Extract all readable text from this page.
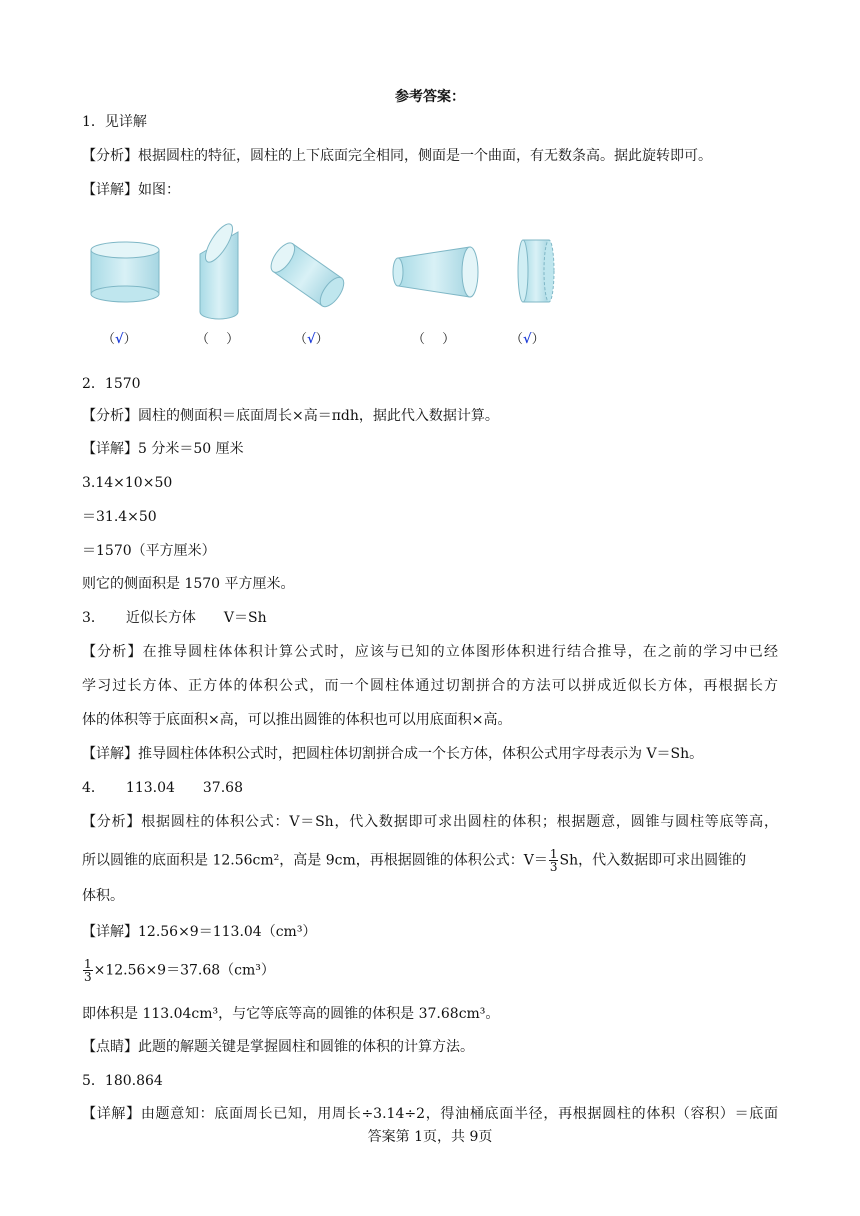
参考答案：
1．见详解
【分析】根据圆柱的特征，圆柱的上下底面完全相同，侧面是一个曲面，有无数条高。据此旋转即可。
【详解】如图：
（√）	（　 ）	（√）	（　 ）	（√）
2．1570
【分析】圆柱的侧面积＝底面周长×高＝πdh，据此代入数据计算。
【详解】5 分米＝50 厘米
3.14×10×50
＝31.4×50
＝1570（平方厘米）
则它的侧面积是 1570 平方厘米。
3．　　近似长方体　　V＝Sh
【分析】在推导圆柱体体积计算公式时，应该与已知的立体图形体积进行结合推导，在之前的学习中已经
学习过长方体、正方体的体积公式，而一个圆柱体通过切割拼合的方法可以拼成近似长方体，再根据长方
体的体积等于底面积×高，可以推出圆锥的体积也可以用底面积×高。
【详解】推导圆柱体体积公式时，把圆柱体切割拼合成一个长方体，体积公式用字母表示为 V＝Sh。
4．　　113.04　　37.68
【分析】根据圆柱的体积公式：V＝Sh，代入数据即可求出圆柱的体积；根据题意，圆锥与圆柱等底等高，
所以圆锥的底面积是 12.56cm²，高是 9cm，再根据圆锥的体积公式：$V= \frac{1}{3}$ Sh，代入数据即可求出圆锥的
体积。
【详解】12.56×9＝113.04（cm³）
$\frac{1}{3} \times 12.56\times 9=37.68(cm^3)$
即体积是 113.04cm³，与它等底等高的圆锥的体积是 37.68cm³。
【点睛】此题的解题关键是掌握圆柱和圆锥的体积的计算方法。
5．180.864
【详解】由题意知：底面周长已知，用周长÷3.14÷2，得油桶底面半径，再根据圆柱的体积（容积）＝底面
答案第 1页，共 9页
